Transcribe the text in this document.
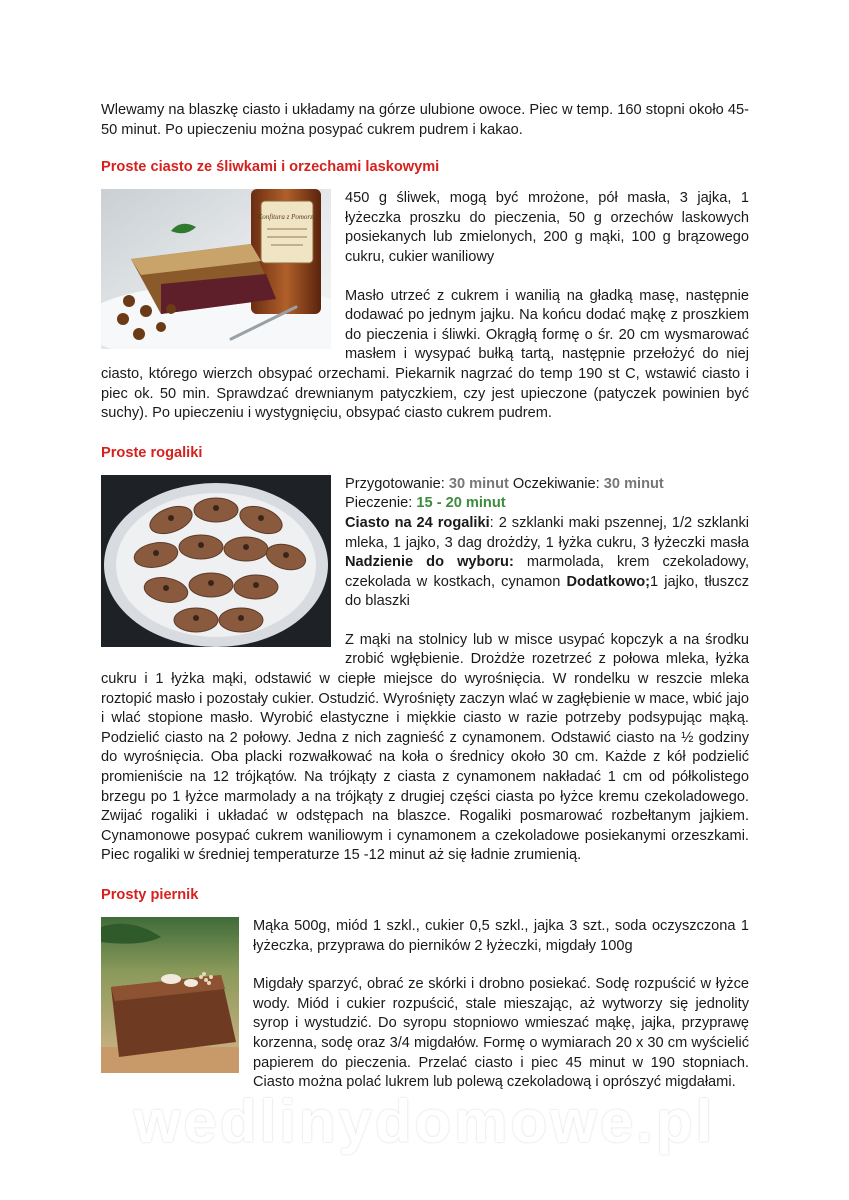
Wlewamy na blaszkę ciasto i układamy na górze ulubione owoce. Piec w temp. 160 stopni około 45-50 minut. Po upieczeniu można posypać cukrem pudrem i kakao.

Proste ciasto ze śliwkami i orzechami laskowymi
Konfitura z Pomorza

450 g śliwek, mogą być mrożone, pół masła, 3 jajka, 1 łyżeczka proszku do pieczenia, 50 g orzechów laskowych posiekanych lub zmielonych, 200 g mąki, 100 g brązowego cukru, cukier waniliowy

Masło utrzeć z cukrem i wanilią na gładką masę, następnie dodawać po jednym jajku. Na końcu dodać mąkę z proszkiem do pieczenia i śliwki. Okrągłą formę o śr. 20 cm wysmarować masłem i wysypać bułką tartą, następnie przełożyć do niej ciasto, którego wierzch obsypać orzechami. Piekarnik nagrzać do temp 190 st C, wstawić ciasto i piec ok. 50 min. Sprawdzać drewnianym patyczkiem, czy jest upieczone (patyczek powinien być suchy). Po upieczeniu i wystygnięciu, obsypać ciasto cukrem pudrem.

Proste rogaliki

Przygotowanie: 30 minut Oczekiwanie: 30 minut
Pieczenie: 15 - 20 minut

Ciasto na 24 rogaliki: 2 szklanki maki pszennej, 1/2 szklanki mleka, 1 jajko, 3 dag drożdży, 1 łyżka cukru, 3 łyżeczki masła Nadzienie do wyboru: marmolada, krem czekoladowy, czekolada w kostkach, cynamon Dodatkowo;1 jajko, tłuszcz do blaszki

Z mąki na stolnicy lub w misce usypać kopczyk a na środku zrobić wgłębienie. Drożdże rozetrzeć z połowa mleka, łyżka cukru i 1 łyżka mąki, odstawić w ciepłe miejsce do wyrośnięcia. W rondelku w reszcie mleka roztopić masło i pozostały cukier. Ostudzić. Wyrośnięty zaczyn wlać w zagłębienie w mace, wbić jajo i wlać stopione masło. Wyrobić elastyczne i miękkie ciasto w razie potrzeby podsypując mąką. Podzielić ciasto na 2 połowy. Jedna z nich zagnieść z cynamonem. Odstawić ciasto na ½ godziny do wyrośnięcia. Oba placki rozwałkować na koła o średnicy około 30 cm. Każde z kół podzielić promieniście na 12 trójkątów. Na trójkąty z ciasta z cynamonem nakładać 1 cm od półkolistego brzegu po 1 łyżce marmolady a na trójkąty z drugiej części ciasta po łyżce kremu czekoladowego. Zwijać rogaliki i układać w odstępach na blaszce. Rogaliki posmarować rozbełtanym jajkiem. Cynamonowe posypać cukrem waniliowym i cynamonem a czekoladowe posiekanymi orzeszkami. Piec rogaliki w średniej temperaturze 15 -12 minut aż się ładnie zrumienią.

Prosty piernik

Mąka 500g, miód 1 szkl., cukier 0,5 szkl., jajka 3 szt., soda oczyszczona 1 łyżeczka, przyprawa do pierników 2 łyżeczki, migdały 100g

Migdały sparzyć, obrać ze skórki i drobno posiekać. Sodę rozpuścić w łyżce wody. Miód i cukier rozpuścić, stale mieszając, aż wytworzy się jednolity syrop i wystudzić. Do syropu stopniowo wmieszać mąkę, jajka, przyprawę korzenna, sodę oraz 3/4 migdałów. Formę o wymiarach 20 x 30 cm wyścielić papierem do pieczenia. Przelać ciasto i piec 45 minut w 190 stopniach. Ciasto można polać lukrem lub polewą czekoladową i oprószyć migdałami.

wedlinydomowe.pl
